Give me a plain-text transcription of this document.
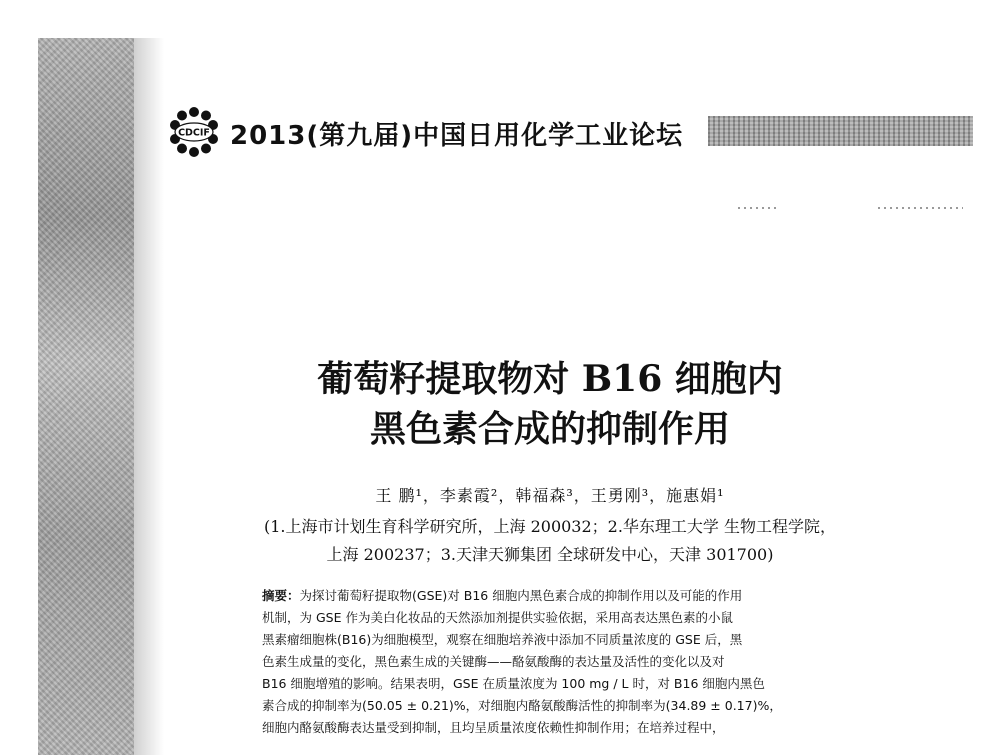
CDCIF 2013(第九届)中国日用化学工业论坛
葡萄籽提取物对 B16 细胞内
黑色素合成的抑制作用
王 鹏¹，李素霞²，韩福森³，王勇刚³，施惠娟¹
(1.上海市计划生育科学研究所，上海 200032；2.华东理工大学 生物工程学院，
上海 200237；3.天津天狮集团 全球研发中心，天津 301700)
摘要：为探讨葡萄籽提取物(GSE)对 B16 细胞内黑色素合成的抑制作用以及可能的作用
机制，为 GSE 作为美白化妆品的天然添加剂提供实验依据，采用高表达黑色素的小鼠
黑素瘤细胞株(B16)为细胞模型，观察在细胞培养液中添加不同质量浓度的 GSE 后，黑
色素生成量的变化，黑色素生成的关键酶——酪氨酸酶的表达量及活性的变化以及对
B16 细胞增殖的影响。结果表明，GSE 在质量浓度为 100 mg / L 时，对 B16 细胞内黑色
素合成的抑制率为(50.05 ± 0.21)%，对细胞内酪氨酸酶活性的抑制率为(34.89 ± 0.17)%，
细胞内酪氨酸酶表达量受到抑制，且均呈质量浓度依赖性抑制作用；在培养过程中，
